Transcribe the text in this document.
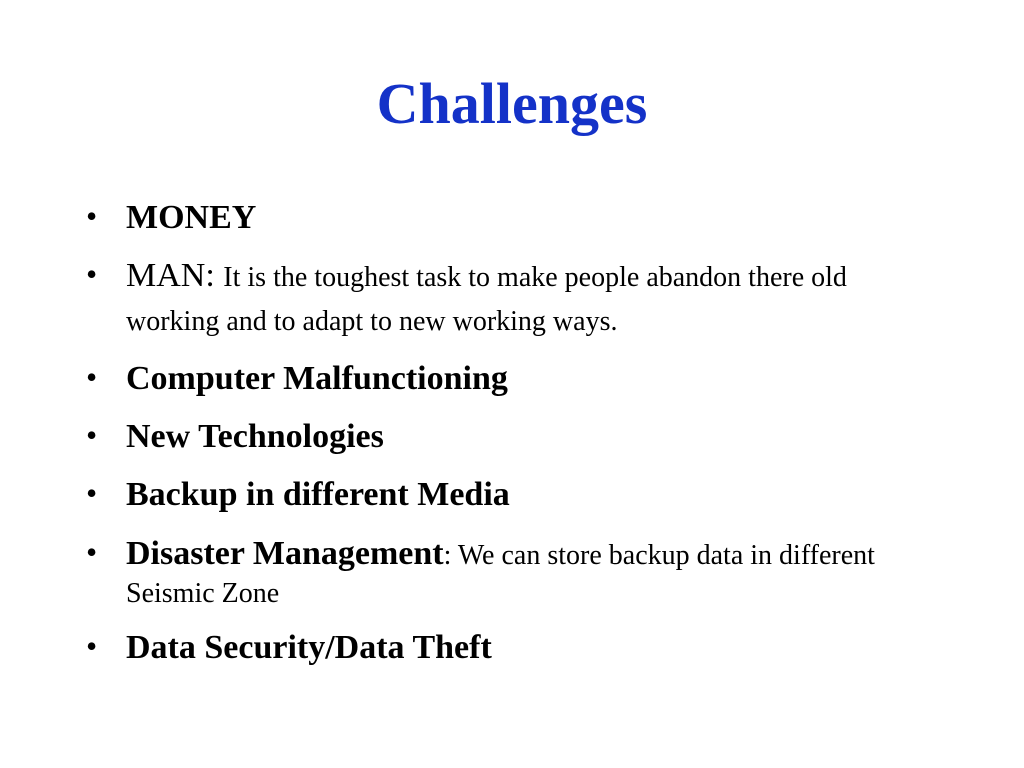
Challenges
• MONEY
• MAN: It is the toughest task to make people abandon there old working and to adapt to new working ways.
• Computer Malfunctioning
• New Technologies
• Backup in different Media
• Disaster Management: We can store backup data in different Seismic Zone
• Data Security/Data Theft
